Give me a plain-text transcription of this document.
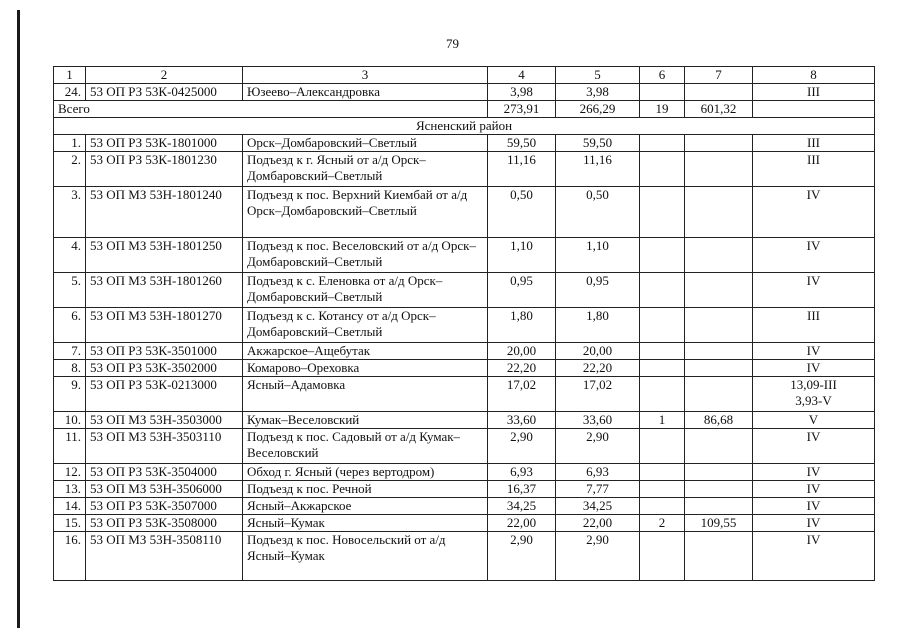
79
1	2	3	4	5	6	7	8
24.	53 ОП РЗ 53К-0425000	Юзеево–Александровка	3,98	3,98			III
Всего			273,91	266,29	19	601,32	
Ясненский район							
1.	53 ОП РЗ 53К-1801000	Орск–Домбаровский–Светлый	59,50	59,50			III
2.	53 ОП РЗ 53К-1801230	Подъезд к г. Ясный от а/д Орск–Домбаровский–Светлый	11,16	11,16			III
3.	53 ОП МЗ 53Н-1801240	Подъезд к пос. Верхний Киембай от а/д Орск–Домбаровский–Светлый	0,50	0,50			IV
4.	53 ОП МЗ 53Н-1801250	Подъезд к пос. Веселовский от а/д Орск–Домбаровский–Светлый	1,10	1,10			IV
5.	53 ОП МЗ 53Н-1801260	Подъезд к с. Еленовка от а/д Орск–Домбаровский–Светлый	0,95	0,95			IV
6.	53 ОП МЗ 53Н-1801270	Подъезд к с. Котансу от а/д Орск–Домбаровский–Светлый	1,80	1,80			III
7.	53 ОП РЗ 53К-3501000	Акжарское–Ащебутак	20,00	20,00			IV
8.	53 ОП РЗ 53К-3502000	Комарово–Ореховка	22,20	22,20			IV
9.	53 ОП РЗ 53К-0213000	Ясный–Адамовка	17,02	17,02			13,09-III
3,93-V

10.	53 ОП МЗ 53Н-3503000	Кумак–Веселовский	33,60	33,60	1	86,68	V
11.	53 ОП МЗ 53Н-3503110	Подъезд к пос. Садовый от а/д Кумак– Веселовский	2,90	2,90			IV
12.	53 ОП РЗ 53К-3504000	Обход г. Ясный (через вертодром)	6,93	6,93			IV
13.	53 ОП МЗ 53Н-3506000	Подъезд к пос. Речной	16,37	7,77			IV
14.	53 ОП РЗ 53К-3507000	Ясный–Акжарское	34,25	34,25			IV
15.	53 ОП РЗ 53К-3508000	Ясный–Кумак	22,00	22,00	2	109,55	IV
16.	53 ОП МЗ 53Н-3508110	Подъезд к пос. Новосельский от а/д Ясный–Кумак	2,90	2,90			IV
